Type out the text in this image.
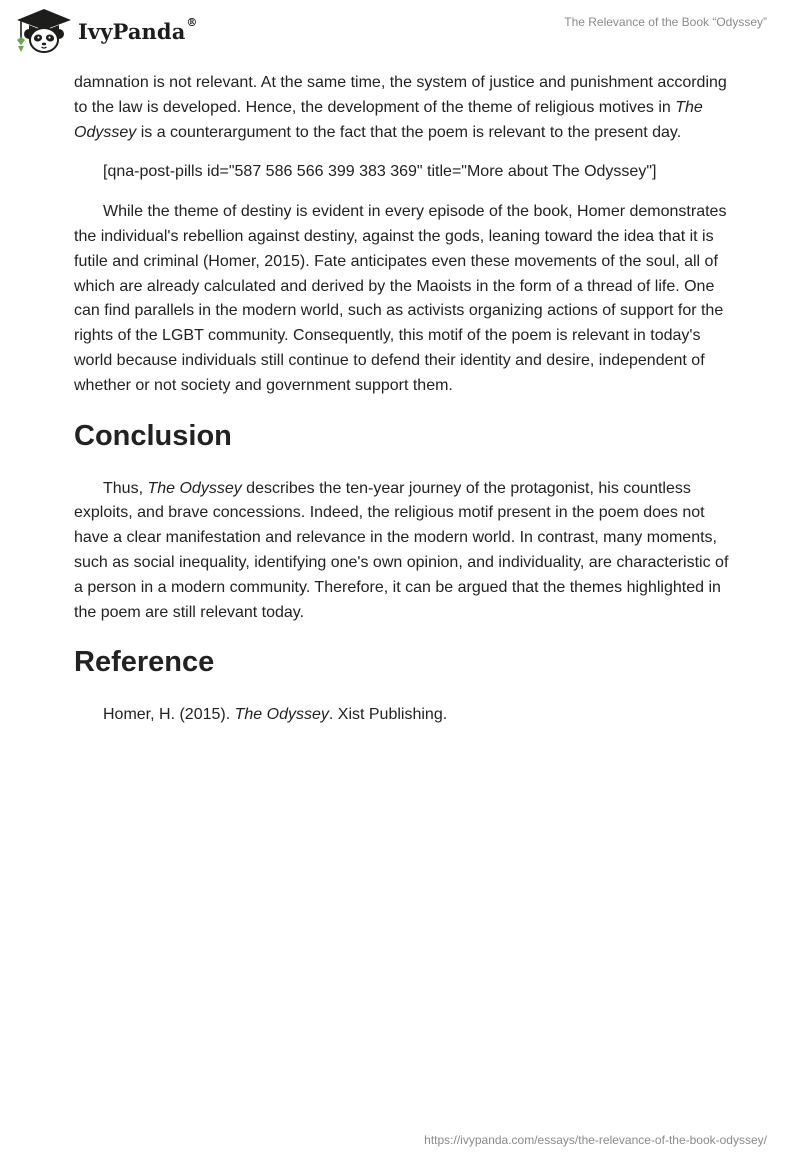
IvyPanda®	The Relevance of the Book “Odyssey”

damnation is not relevant. At the same time, the system of justice and punishment according to the law is developed. Hence, the development of the theme of religious motives in The Odyssey is a counterargument to the fact that the poem is relevant to the present day.

[qna-post-pills id="587 586 566 399 383 369" title="More about The Odyssey"]

While the theme of destiny is evident in every episode of the book, Homer demonstrates the individual's rebellion against destiny, against the gods, leaning toward the idea that it is futile and criminal (Homer, 2015). Fate anticipates even these movements of the soul, all of which are already calculated and derived by the Maoists in the form of a thread of life. One can find parallels in the modern world, such as activists organizing actions of support for the rights of the LGBT community. Consequently, this motif of the poem is relevant in today's world because individuals still continue to defend their identity and desire, independent of whether or not society and government support them.

Conclusion

Thus, The Odyssey describes the ten-year journey of the protagonist, his countless exploits, and brave concessions. Indeed, the religious motif present in the poem does not have a clear manifestation and relevance in the modern world. In contrast, many moments, such as social inequality, identifying one's own opinion, and individuality, are characteristic of a person in a modern community. Therefore, it can be argued that the themes highlighted in the poem are still relevant today.

Reference

Homer, H. (2015). The Odyssey. Xist Publishing.

https://ivypanda.com/essays/the-relevance-of-the-book-odyssey/
